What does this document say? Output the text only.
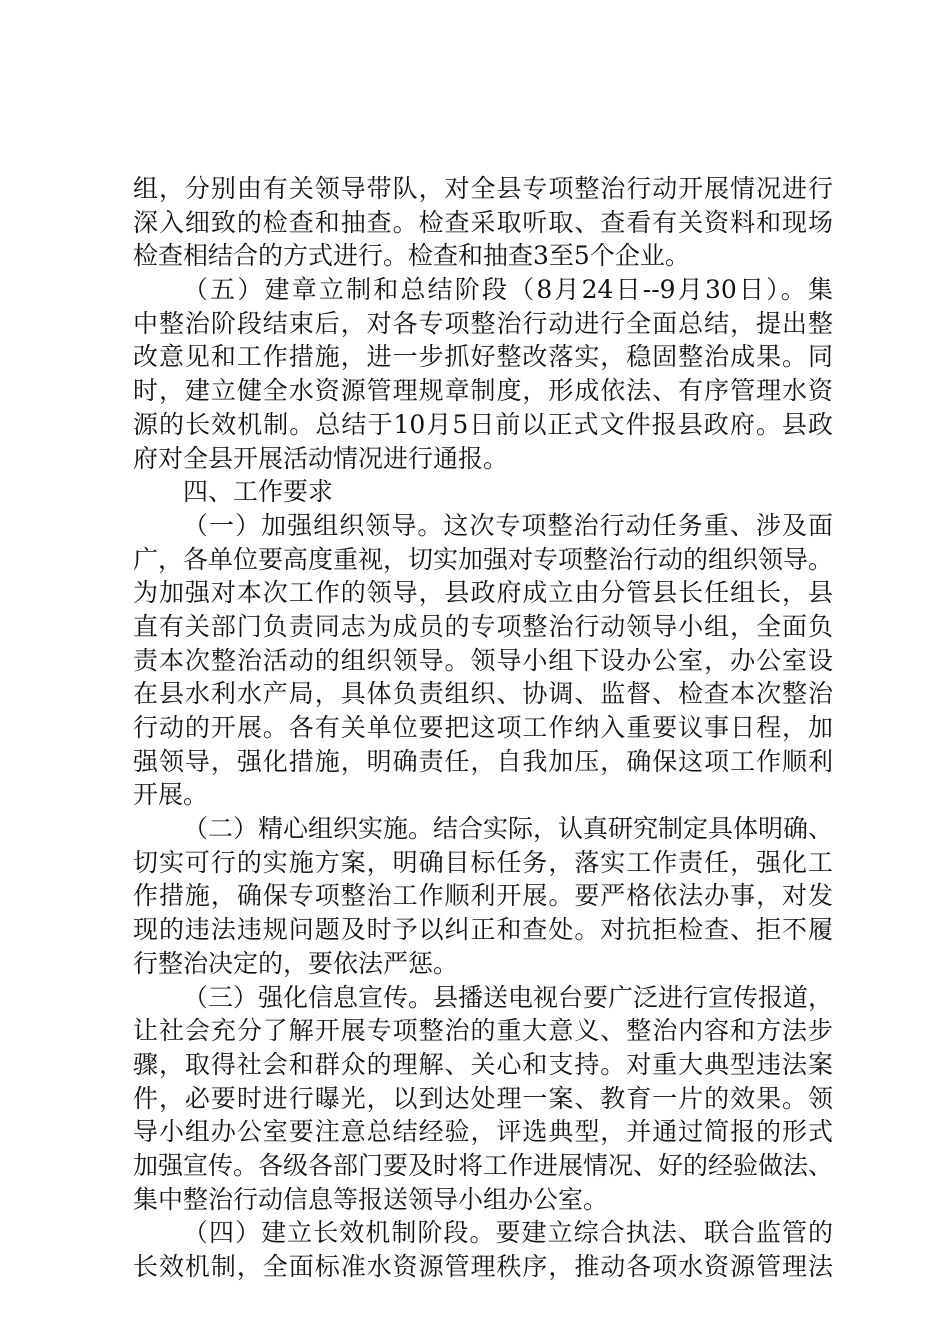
组，分别由有关领导带队，对全县专项整治行动开展情况进行
深入细致的检查和抽查。检查采取听取、查看有关资料和现场
检查相结合的方式进行。检查和抽查3至5个企业。
（五）建章立制和总结阶段（8月24日--9月30日）。集
中整治阶段结束后，对各专项整治行动进行全面总结，提出整
改意见和工作措施，进一步抓好整改落实，稳固整治成果。同
时，建立健全水资源管理规章制度，形成依法、有序管理水资
源的长效机制。总结于10月5日前以正式文件报县政府。县政
府对全县开展活动情况进行通报。
四、工作要求
（一）加强组织领导。这次专项整治行动任务重、涉及面
广，各单位要高度重视，切实加强对专项整治行动的组织领导。
为加强对本次工作的领导，县政府成立由分管县长任组长，县
直有关部门负责同志为成员的专项整治行动领导小组，全面负
责本次整治活动的组织领导。领导小组下设办公室，办公室设
在县水利水产局，具体负责组织、协调、监督、检查本次整治
行动的开展。各有关单位要把这项工作纳入重要议事日程，加
强领导，强化措施，明确责任，自我加压，确保这项工作顺利
开展。
（二）精心组织实施。结合实际，认真研究制定具体明确、
切实可行的实施方案，明确目标任务，落实工作责任，强化工
作措施，确保专项整治工作顺利开展。要严格依法办事，对发
现的违法违规问题及时予以纠正和查处。对抗拒检查、拒不履
行整治决定的，要依法严惩。
（三）强化信息宣传。县播送电视台要广泛进行宣传报道，
让社会充分了解开展专项整治的重大意义、整治内容和方法步
骤，取得社会和群众的理解、关心和支持。对重大典型违法案
件，必要时进行曝光，以到达处理一案、教育一片的效果。领
导小组办公室要注意总结经验，评选典型，并通过简报的形式
加强宣传。各级各部门要及时将工作进展情况、好的经验做法、
集中整治行动信息等报送领导小组办公室。
（四）建立长效机制阶段。要建立综合执法、联合监管的
长效机制，全面标准水资源管理秩序，推动各项水资源管理法
